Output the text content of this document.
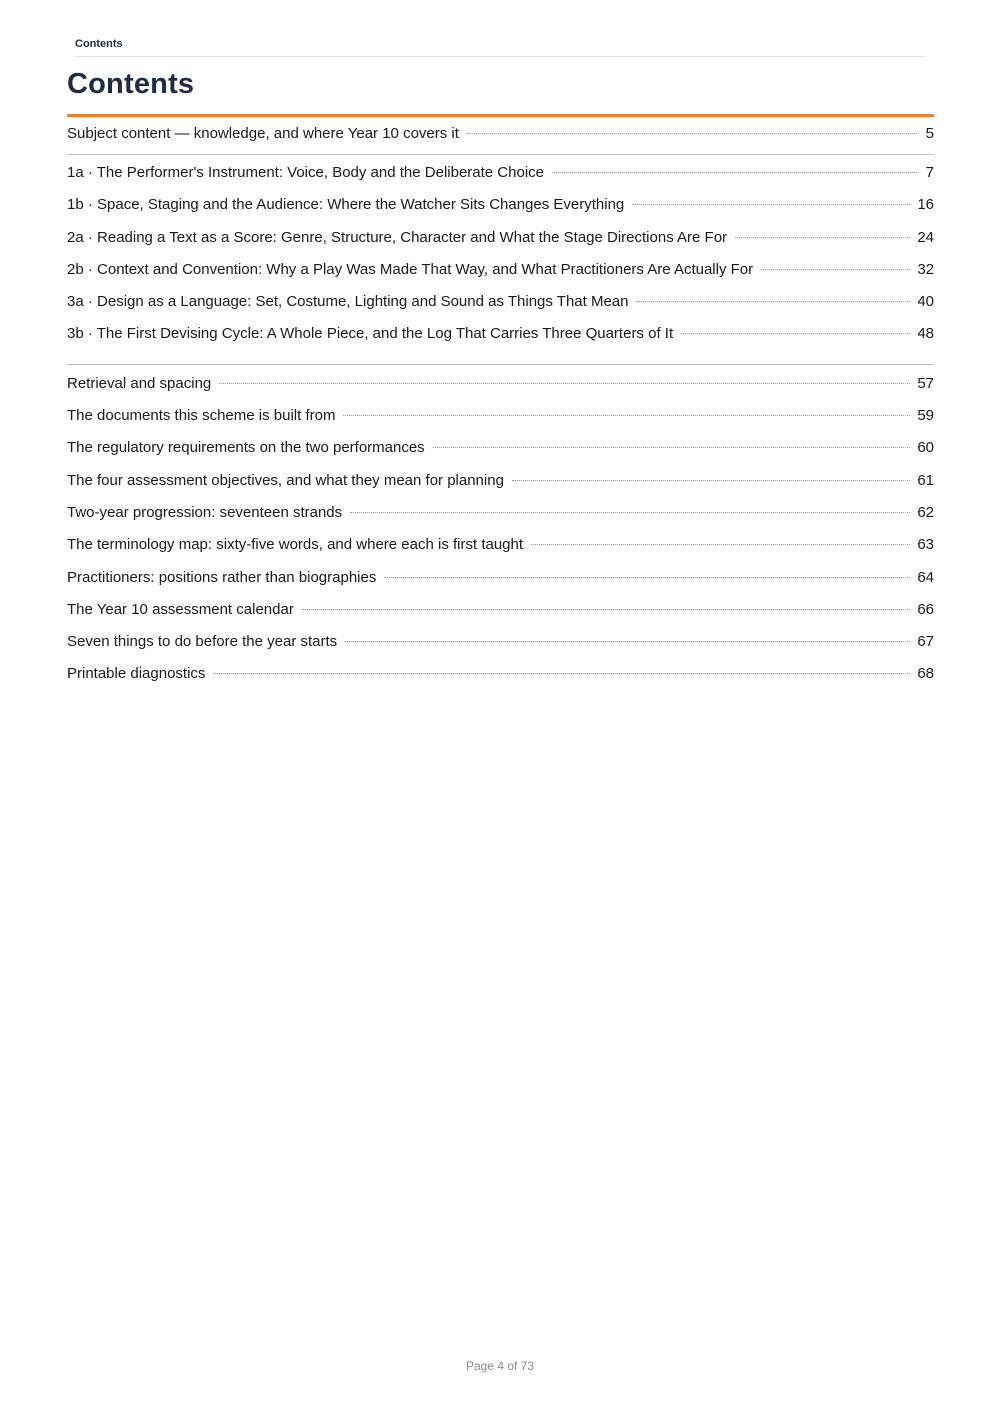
Contents
Contents
Subject content — knowledge, and where Year 10 covers it	5
1a · The Performer's Instrument: Voice, Body and the Deliberate Choice	7
1b · Space, Staging and the Audience: Where the Watcher Sits Changes Everything	16
2a · Reading a Text as a Score: Genre, Structure, Character and What the Stage Directions Are For	24
2b · Context and Convention: Why a Play Was Made That Way, and What Practitioners Are Actually For	32
3a · Design as a Language: Set, Costume, Lighting and Sound as Things That Mean	40
3b · The First Devising Cycle: A Whole Piece, and the Log That Carries Three Quarters of It	48
Retrieval and spacing	57
The documents this scheme is built from	59
The regulatory requirements on the two performances	60
The four assessment objectives, and what they mean for planning	61
Two-year progression: seventeen strands	62
The terminology map: sixty-five words, and where each is first taught	63
Practitioners: positions rather than biographies	64
The Year 10 assessment calendar	66
Seven things to do before the year starts	67
Printable diagnostics	68
Page 4 of 73
